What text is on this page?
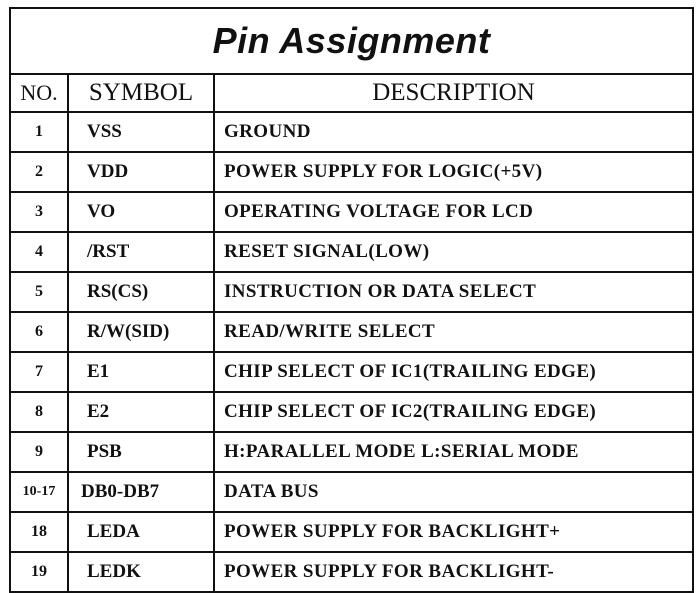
Pin Assignment		
NO.	SYMBOL	DESCRIPTION
1	VSS	GROUND
2	VDD	POWER SUPPLY FOR LOGIC(+5V)
3	VO	OPERATING VOLTAGE FOR LCD
4	/RST	RESET SIGNAL(LOW)
5	RS(CS)	INSTRUCTION OR DATA SELECT
6	R/W(SID)	READ/WRITE SELECT
7	E1	CHIP SELECT OF IC1(TRAILING EDGE)
8	E2	CHIP SELECT OF IC2(TRAILING EDGE)
9	PSB	H:PARALLEL MODE L:SERIAL MODE
10-17	DB0-DB7	DATA BUS
18	LEDA	POWER SUPPLY FOR BACKLIGHT+
19	LEDK	POWER SUPPLY FOR BACKLIGHT-
